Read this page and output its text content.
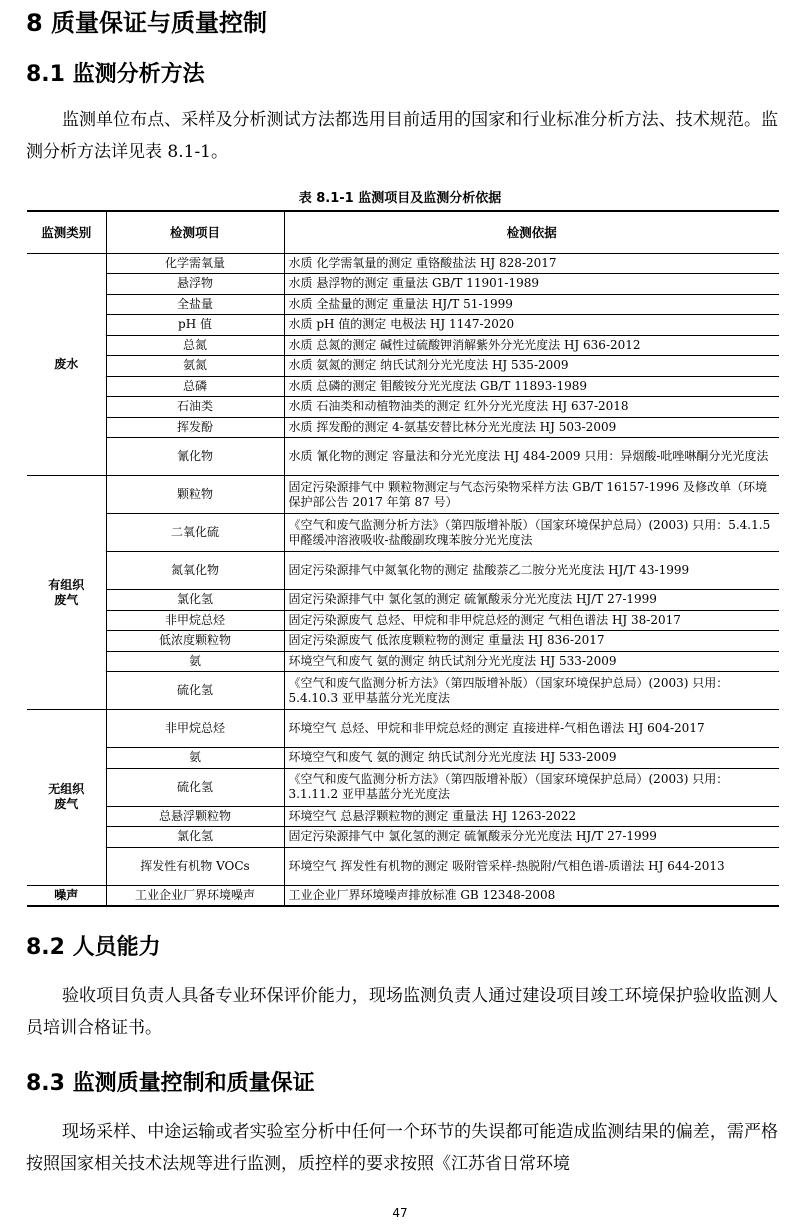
8 质量保证与质量控制
8.1 监测分析方法

监测单位布点、采样及分析测试方法都选用目前适用的国家和行业标准分析方法、技术规范。监测分析方法详见表 8.1-1。

表 8.1-1 监测项目及监测分析依据
监测类别	检测项目	检测依据
废水	化学需氧量	水质 化学需氧量的测定 重铬酸盐法 HJ 828-2017
	悬浮物	水质 悬浮物的测定 重量法 GB/T 11901-1989
	全盐量	水质 全盐量的测定 重量法 HJ/T 51-1999
	pH 值	水质 pH 值的测定 电极法 HJ 1147-2020
	总氮	水质 总氮的测定 碱性过硫酸钾消解紫外分光光度法 HJ 636-2012
	氨氮	水质 氨氮的测定 纳氏试剂分光光度法 HJ 535-2009
	总磷	水质 总磷的测定 钼酸铵分光光度法 GB/T 11893-1989
	石油类	水质 石油类和动植物油类的测定 红外分光光度法 HJ 637-2018
	挥发酚	水质 挥发酚的测定 4-氨基安替比林分光光度法 HJ 503-2009
	氰化物	水质 氰化物的测定 容量法和分光光度法 HJ 484-2009 只用：异烟酸-吡唑啉酮分光光度法
有组织废气	颗粒物	固定污染源排气中 颗粒物测定与气态污染物采样方法 GB/T 16157-1996 及修改单（环境保护部公告 2017 年第 87 号）
	二氧化硫	《空气和废气监测分析方法》（第四版增补版）（国家环境保护总局）(2003) 只用：5.4.1.5 甲醛缓冲溶液吸收-盐酸副玫瑰苯胺分光光度法
	氮氧化物	固定污染源排气中氮氧化物的测定 盐酸萘乙二胺分光光度法 HJ/T 43-1999
	氯化氢	固定污染源排气中 氯化氢的测定 硫氰酸汞分光光度法 HJ/T 27-1999
	非甲烷总烃	固定污染源废气 总烃、甲烷和非甲烷总烃的测定 气相色谱法 HJ 38-2017
	低浓度颗粒物	固定污染源废气 低浓度颗粒物的测定 重量法 HJ 836-2017
	氨	环境空气和废气 氨的测定 纳氏试剂分光光度法 HJ 533-2009
	硫化氢	《空气和废气监测分析方法》（第四版增补版）（国家环境保护总局）(2003) 只用：5.4.10.3 亚甲基蓝分光光度法
无组织废气	非甲烷总烃	环境空气 总烃、甲烷和非甲烷总烃的测定 直接进样-气相色谱法 HJ 604-2017
	氨	环境空气和废气 氨的测定 纳氏试剂分光光度法 HJ 533-2009
	硫化氢	《空气和废气监测分析方法》（第四版增补版）（国家环境保护总局）(2003) 只用：3.1.11.2 亚甲基蓝分光光度法
	总悬浮颗粒物	环境空气 总悬浮颗粒物的测定 重量法 HJ 1263-2022
	氯化氢	固定污染源排气中 氯化氢的测定 硫氰酸汞分光光度法 HJ/T 27-1999
	挥发性有机物 VOCs	环境空气 挥发性有机物的测定 吸附管采样-热脱附/气相色谱-质谱法 HJ 644-2013
噪声	工业企业厂界环境噪声	工业企业厂界环境噪声排放标准 GB 12348-2008
8.2 人员能力

验收项目负责人具备专业环保评价能力，现场监测负责人通过建设项目竣工环境保护验收监测人员培训合格证书。

8.3 监测质量控制和质量保证

现场采样、中途运输或者实验室分析中任何一个环节的失误都可能造成监测结果的偏差，需严格按照国家相关技术法规等进行监测，质控样的要求按照《江苏省日常环境

47
